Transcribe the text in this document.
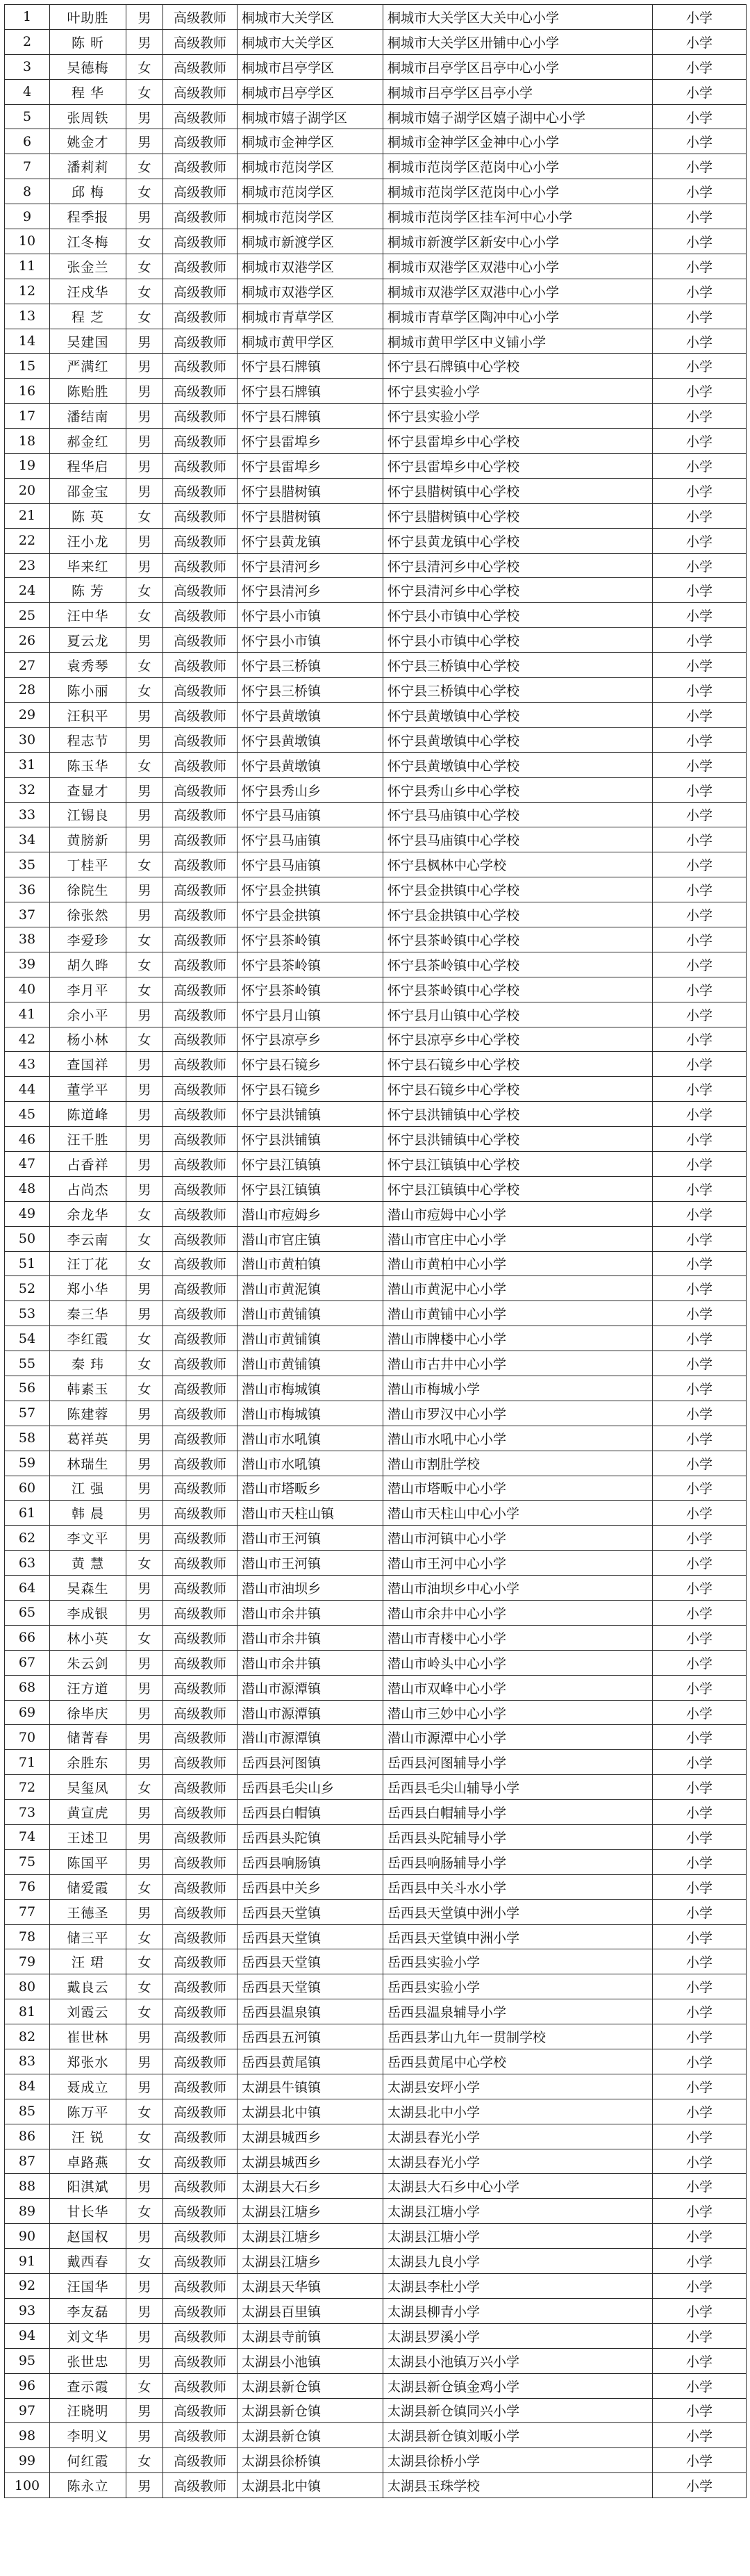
1	叶助胜	男	高级教师	桐城市大关学区	桐城市大关学区大关中心小学	小学
2	陈 昕	男	高级教师	桐城市大关学区	桐城市大关学区卅铺中心小学	小学
3	吴德梅	女	高级教师	桐城市吕亭学区	桐城市吕亭学区吕亭中心小学	小学
4	程 华	女	高级教师	桐城市吕亭学区	桐城市吕亭学区吕亭小学	小学
5	张周铁	男	高级教师	桐城市嬉子湖学区	桐城市嬉子湖学区嬉子湖中心小学	小学
6	姚金才	男	高级教师	桐城市金神学区	桐城市金神学区金神中心小学	小学
7	潘莉莉	女	高级教师	桐城市范岗学区	桐城市范岗学区范岗中心小学	小学
8	邱 梅	女	高级教师	桐城市范岗学区	桐城市范岗学区范岗中心小学	小学
9	程季报	男	高级教师	桐城市范岗学区	桐城市范岗学区挂车河中心小学	小学
10	江冬梅	女	高级教师	桐城市新渡学区	桐城市新渡学区新安中心小学	小学
11	张金兰	女	高级教师	桐城市双港学区	桐城市双港学区双港中心小学	小学
12	汪戍华	女	高级教师	桐城市双港学区	桐城市双港学区双港中心小学	小学
13	程 芝	女	高级教师	桐城市青草学区	桐城市青草学区陶冲中心小学	小学
14	吴建国	男	高级教师	桐城市黄甲学区	桐城市黄甲学区中义铺小学	小学
15	严满红	男	高级教师	怀宁县石牌镇	怀宁县石牌镇中心学校	小学
16	陈贻胜	男	高级教师	怀宁县石牌镇	怀宁县实验小学	小学
17	潘结南	男	高级教师	怀宁县石牌镇	怀宁县实验小学	小学
18	郝金红	男	高级教师	怀宁县雷埠乡	怀宁县雷埠乡中心学校	小学
19	程华启	男	高级教师	怀宁县雷埠乡	怀宁县雷埠乡中心学校	小学
20	邵金宝	男	高级教师	怀宁县腊树镇	怀宁县腊树镇中心学校	小学
21	陈 英	女	高级教师	怀宁县腊树镇	怀宁县腊树镇中心学校	小学
22	汪小龙	男	高级教师	怀宁县黄龙镇	怀宁县黄龙镇中心学校	小学
23	毕来红	男	高级教师	怀宁县清河乡	怀宁县清河乡中心学校	小学
24	陈 芳	女	高级教师	怀宁县清河乡	怀宁县清河乡中心学校	小学
25	汪中华	女	高级教师	怀宁县小市镇	怀宁县小市镇中心学校	小学
26	夏云龙	男	高级教师	怀宁县小市镇	怀宁县小市镇中心学校	小学
27	袁秀琴	女	高级教师	怀宁县三桥镇	怀宁县三桥镇中心学校	小学
28	陈小丽	女	高级教师	怀宁县三桥镇	怀宁县三桥镇中心学校	小学
29	汪积平	男	高级教师	怀宁县黄墩镇	怀宁县黄墩镇中心学校	小学
30	程志节	男	高级教师	怀宁县黄墩镇	怀宁县黄墩镇中心学校	小学
31	陈玉华	女	高级教师	怀宁县黄墩镇	怀宁县黄墩镇中心学校	小学
32	查显才	男	高级教师	怀宁县秀山乡	怀宁县秀山乡中心学校	小学
33	江锡良	男	高级教师	怀宁县马庙镇	怀宁县马庙镇中心学校	小学
34	黄膀新	男	高级教师	怀宁县马庙镇	怀宁县马庙镇中心学校	小学
35	丁桂平	女	高级教师	怀宁县马庙镇	怀宁县枫林中心学校	小学
36	徐院生	男	高级教师	怀宁县金拱镇	怀宁县金拱镇中心学校	小学
37	徐张然	男	高级教师	怀宁县金拱镇	怀宁县金拱镇中心学校	小学
38	李爱珍	女	高级教师	怀宁县茶岭镇	怀宁县茶岭镇中心学校	小学
39	胡久晔	女	高级教师	怀宁县茶岭镇	怀宁县茶岭镇中心学校	小学
40	李月平	女	高级教师	怀宁县茶岭镇	怀宁县茶岭镇中心学校	小学
41	余小平	男	高级教师	怀宁县月山镇	怀宁县月山镇中心学校	小学
42	杨小林	女	高级教师	怀宁县凉亭乡	怀宁县凉亭乡中心学校	小学
43	查国祥	男	高级教师	怀宁县石镜乡	怀宁县石镜乡中心学校	小学
44	董学平	男	高级教师	怀宁县石镜乡	怀宁县石镜乡中心学校	小学
45	陈道峰	男	高级教师	怀宁县洪铺镇	怀宁县洪铺镇中心学校	小学
46	汪千胜	男	高级教师	怀宁县洪铺镇	怀宁县洪铺镇中心学校	小学
47	占香祥	男	高级教师	怀宁县江镇镇	怀宁县江镇镇中心学校	小学
48	占尚杰	男	高级教师	怀宁县江镇镇	怀宁县江镇镇中心学校	小学
49	余龙华	女	高级教师	潜山市痘姆乡	潜山市痘姆中心小学	小学
50	李云南	女	高级教师	潜山市官庄镇	潜山市官庄中心小学	小学
51	汪丁花	女	高级教师	潜山市黄柏镇	潜山市黄柏中心小学	小学
52	郑小华	男	高级教师	潜山市黄泥镇	潜山市黄泥中心小学	小学
53	秦三华	男	高级教师	潜山市黄铺镇	潜山市黄铺中心小学	小学
54	李红霞	女	高级教师	潜山市黄铺镇	潜山市牌楼中心小学	小学
55	秦 玮	女	高级教师	潜山市黄铺镇	潜山市古井中心小学	小学
56	韩素玉	女	高级教师	潜山市梅城镇	潜山市梅城小学	小学
57	陈建蓉	男	高级教师	潜山市梅城镇	潜山市罗汉中心小学	小学
58	葛祥英	男	高级教师	潜山市水吼镇	潜山市水吼中心小学	小学
59	林瑞生	男	高级教师	潜山市水吼镇	潜山市割肚学校	小学
60	江 强	男	高级教师	潜山市塔畈乡	潜山市塔畈中心小学	小学
61	韩 晨	男	高级教师	潜山市天柱山镇	潜山市天柱山中心小学	小学
62	李文平	男	高级教师	潜山市王河镇	潜山市河镇中心小学	小学
63	黄 慧	女	高级教师	潜山市王河镇	潜山市王河中心小学	小学
64	吴森生	男	高级教师	潜山市油坝乡	潜山市油坝乡中心小学	小学
65	李成银	男	高级教师	潜山市余井镇	潜山市余井中心小学	小学
66	林小英	女	高级教师	潜山市余井镇	潜山市青楼中心小学	小学
67	朱云剑	男	高级教师	潜山市余井镇	潜山市岭头中心小学	小学
68	汪方道	男	高级教师	潜山市源潭镇	潜山市双峰中心小学	小学
69	徐毕庆	男	高级教师	潜山市源潭镇	潜山市三妙中心小学	小学
70	储菁春	男	高级教师	潜山市源潭镇	潜山市源潭中心小学	小学
71	余胜东	男	高级教师	岳西县河图镇	岳西县河图辅导小学	小学
72	吴玺凤	女	高级教师	岳西县毛尖山乡	岳西县毛尖山辅导小学	小学
73	黄宣虎	男	高级教师	岳西县白帽镇	岳西县白帽辅导小学	小学
74	王述卫	男	高级教师	岳西县头陀镇	岳西县头陀辅导小学	小学
75	陈国平	男	高级教师	岳西县响肠镇	岳西县响肠辅导小学	小学
76	储爱霞	女	高级教师	岳西县中关乡	岳西县中关斗水小学	小学
77	王德圣	男	高级教师	岳西县天堂镇	岳西县天堂镇中洲小学	小学
78	储三平	女	高级教师	岳西县天堂镇	岳西县天堂镇中洲小学	小学
79	汪 珺	女	高级教师	岳西县天堂镇	岳西县实验小学	小学
80	戴良云	女	高级教师	岳西县天堂镇	岳西县实验小学	小学
81	刘霞云	女	高级教师	岳西县温泉镇	岳西县温泉辅导小学	小学
82	崔世林	男	高级教师	岳西县五河镇	岳西县茅山九年一贯制学校	小学
83	郑张水	男	高级教师	岳西县黄尾镇	岳西县黄尾中心学校	小学
84	聂成立	男	高级教师	太湖县牛镇镇	太湖县安坪小学	小学
85	陈万平	女	高级教师	太湖县北中镇	太湖县北中小学	小学
86	汪 锐	女	高级教师	太湖县城西乡	太湖县春光小学	小学
87	卓路燕	女	高级教师	太湖县城西乡	太湖县春光小学	小学
88	阳淇斌	男	高级教师	太湖县大石乡	太湖县大石乡中心小学	小学
89	甘长华	女	高级教师	太湖县江塘乡	太湖县江塘小学	小学
90	赵国权	男	高级教师	太湖县江塘乡	太湖县江塘小学	小学
91	戴西春	女	高级教师	太湖县江塘乡	太湖县九良小学	小学
92	汪国华	男	高级教师	太湖县天华镇	太湖县李杜小学	小学
93	李友磊	男	高级教师	太湖县百里镇	太湖县柳青小学	小学
94	刘文华	男	高级教师	太湖县寺前镇	太湖县罗溪小学	小学
95	张世忠	男	高级教师	太湖县小池镇	太湖县小池镇万兴小学	小学
96	查示霞	女	高级教师	太湖县新仓镇	太湖县新仓镇金鸡小学	小学
97	汪晓明	男	高级教师	太湖县新仓镇	太湖县新仓镇同兴小学	小学
98	李明义	男	高级教师	太湖县新仓镇	太湖县新仓镇刘畈小学	小学
99	何红霞	女	高级教师	太湖县徐桥镇	太湖县徐桥小学	小学
100	陈永立	男	高级教师	太湖县北中镇	太湖县玉珠学校	小学
